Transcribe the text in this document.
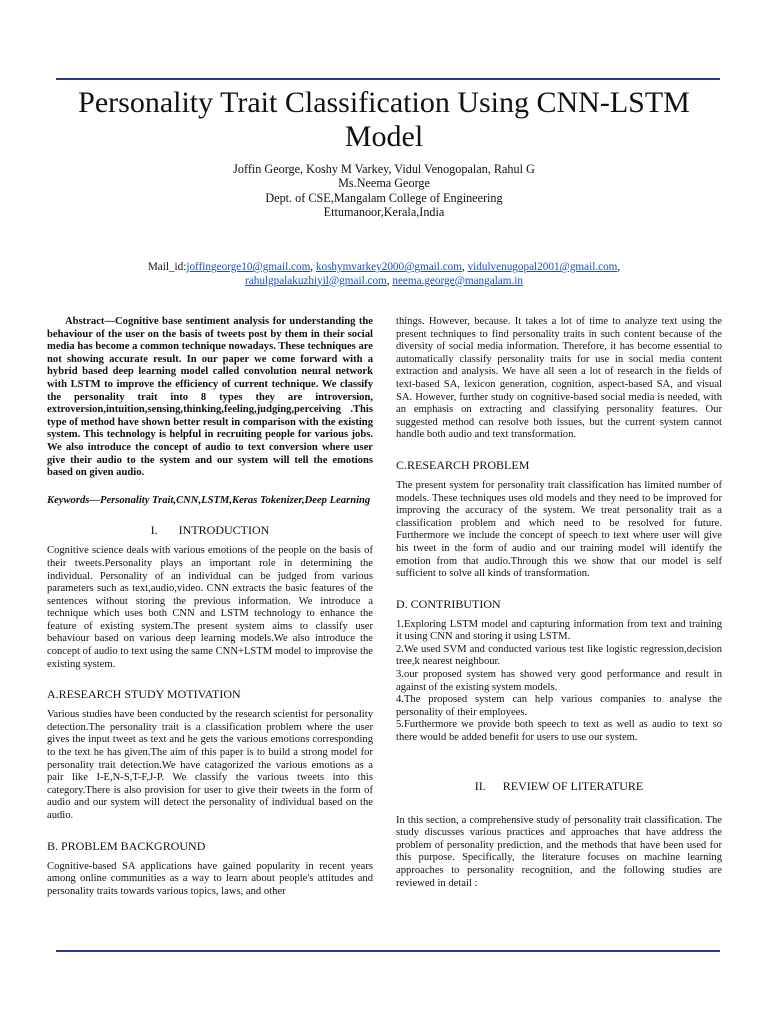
Personality Trait Classification Using CNN-LSTM Model
Joffin George, Koshy M Varkey, Vidul Venogopalan, Rahul G
Ms.Neema George
Dept. of CSE,Mangalam College of Engineering
Ettumanoor,Kerala,India
Mail_id:joffingeorge10@gmail.com, koshymvarkey2000@gmail.com, vidulvenugopal2001@gmail.com,
rahulgpalakuzhiyil@gmail.com, neema.george@mangalam.in

Abstract—Cognitive base sentiment analysis for understanding the behaviour of the user on the basis of tweets post by them in their social media has become a common technique nowadays. These techniques are not showing accurate result. In our paper we come forward with a hybrid based deep learning model called convolution neural network with LSTM to improve the efficiency of current technique. We classify the personality trait into 8 types they are introversion, extroversion,intuition,sensing,thinking,feeling,judging,perceiving .This type of method have shown better result in comparison with the existing system. This technology is helpful in recruiting people for various jobs. We also introduce the concept of audio to text conversion where user give their audio to the system and our system will tell the emotions based on given audio.

Keywords—Personality Trait,CNN,LSTM,Keras Tokenizer,Deep Learning

I. INTRODUCTION

Cognitive science deals with various emotions of the people on the basis of their tweets.Personality plays an important role in determining the individual. Personality of an individual can be judged from various parameters such as text,audio,video. CNN extracts the basic features of the sentences without storing the previous information. We introduce a technique which uses both CNN and LSTM technology to enhance the feature of existing system.The present system aims to classify user behaviour based on various deep learning models.We also introduce the concept of audio to text using the same CNN+LSTM model to improvise the existing system.

A.RESEARCH STUDY MOTIVATION

Various studies have been conducted by the research scientist for personality detection.The personality trait is a classification problem where the user gives the input tweet as text and he gets the various emotions corresponding to the text he has given.The aim of this paper is to build a strong model for personality trait detection.We have catagorized the various emotions as a pair like I-E,N-S,T-F,J-P. We classify the various tweets into this category.There is also provision for user to give their tweets in the form of audio and our system will detect the personality of individual based on the audio.

B. PROBLEM BACKGROUND

Cognitive-based SA applications have gained popularity in recent years among online communities as a way to learn about people's attitudes and personality traits towards various topics, laws, and other

things. However, because. It takes a lot of time to analyze text using the present techniques to find personality traits in such content because of the diversity of social media information. Therefore, it has become essential to automatically classify personality traits for use in social media content extraction and analysis. We have all seen a lot of research in the fields of text-based SA, lexicon generation, cognition, aspect-based SA, and visual SA. However, further study on cognitive-based social media is needed, with an emphasis on extracting and classifying personality features. Our suggested method can resolve both issues, but the current system cannot handle both audio and text transformation.

C.RESEARCH PROBLEM

The present system for personality trait classification has limited number of models. These techniques uses old models and they need to be improved for improving the accuracy of the system. We treat personality trait as a classification problem and which need to be resolved for future. Furthermore we include the concept of speech to text where user will give his tweet in the form of audio and our training model will identify the emotion from that audio.Through this we show that our model is self sufficient to solve all kinds of transformation.

D. CONTRIBUTION

1.Exploring LSTM model and capturing information from text and training it using CNN and storing it using LSTM.

2.We used SVM and conducted various test like logistic regression,decision tree,k nearest neighbour.

3.our proposed system has showed very good performance and result in against of the existing system models.

4.The proposed system can help various companies to analyse the personality of their employees.

5.Furthermore we provide both speech to text as well as audio to text so there would be added benefit for users to use our system.

II. REVIEW OF LITERATURE

In this section, a comprehensive study of personality trait classification. The study discusses various practices and approaches that have address the problem of personality prediction, and the methods that have been used for this purpose. Specifically, the literature focuses on machine learning approaches to personality recognition, and the following studies are reviewed in detail :
